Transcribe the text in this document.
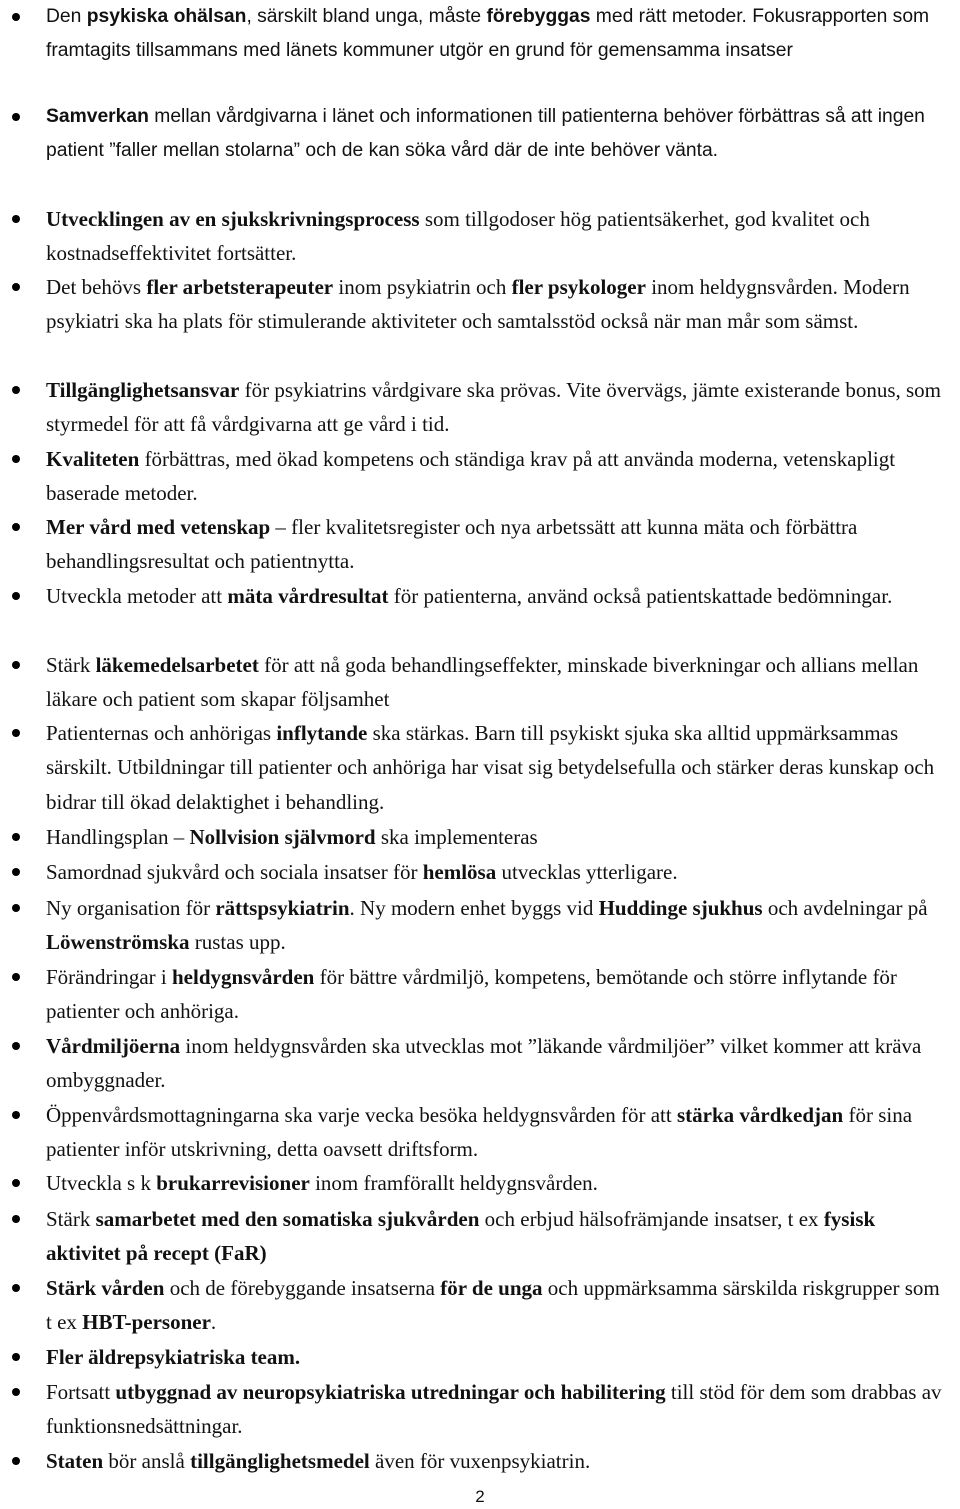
Den psykiska ohälsan, särskilt bland unga, måste förebyggas med rätt metoder. Fokusrapporten som framtagits tillsammans med länets kommuner utgör en grund för gemensamma insatser
Samverkan mellan vårdgivarna i länet och informationen till patienterna behöver förbättras så att ingen patient ”faller mellan stolarna” och de kan söka vård där de inte behöver vänta.
Utvecklingen av en sjukskrivningsprocess som tillgodoser hög patientsäkerhet, god kvalitet och kostnadseffektivitet fortsätter.
Det behövs fler arbetsterapeuter inom psykiatrin och fler psykologer inom heldygnsvården. Modern psykiatri ska ha plats för stimulerande aktiviteter och samtalsstöd också när man mår som sämst.
Tillgänglighetsansvar för psykiatrins vårdgivare ska prövas. Vite övervägs, jämte existerande bonus, som styrmedel för att få vårdgivarna att ge vård i tid.
Kvaliteten förbättras, med ökad kompetens och ständiga krav på att använda moderna, vetenskapligt baserade metoder.
Mer vård med vetenskap – fler kvalitetsregister och nya arbetssätt att kunna mäta och förbättra behandlingsresultat och patientnytta.
Utveckla metoder att mäta vårdresultat för patienterna, använd också patientskattade bedömningar.
Stärk läkemedelsarbetet för att nå goda behandlingseffekter, minskade biverkningar och allians mellan läkare och patient som skapar följsamhet
Patienternas och anhörigas inflytande ska stärkas. Barn till psykiskt sjuka ska alltid uppmärksammas särskilt. Utbildningar till patienter och anhöriga har visat sig betydelsefulla och stärker deras kunskap och bidrar till ökad delaktighet i behandling.
Handlingsplan – Nollvision självmord ska implementeras
Samordnad sjukvård och sociala insatser för hemlösa utvecklas ytterligare.
Ny organisation för rättspsykiatrin. Ny modern enhet byggs vid Huddinge sjukhus och avdelningar på Löwenströmska rustas upp.
Förändringar i heldygnsvården för bättre vårdmiljö, kompetens, bemötande och större inflytande för patienter och anhöriga.
Vårdmiljöerna inom heldygnsvården ska utvecklas mot ”läkande vårdmiljöer” vilket kommer att kräva ombyggnader.
Öppenvårdsmottagningarna ska varje vecka besöka heldygnsvården för att stärka vårdkedjan för sina patienter inför utskrivning, detta oavsett driftsform.
Utveckla s k brukarrevisioner inom framförallt heldygnsvården.
Stärk samarbetet med den somatiska sjukvården och erbjud hälsofrämjande insatser, t ex fysisk aktivitet på recept (FaR)
Stärk vården och de förebyggande insatserna för de unga och uppmärksamma särskilda riskgrupper som t ex HBT-personer.
Fler äldrepsykiatriska team.
Fortsatt utbyggnad av neuropsykiatriska utredningar och habilitering till stöd för dem som drabbas av funktionsnedsättningar.
Staten bör anslå tillgänglighetsmedel även för vuxenpsykiatrin.
2
